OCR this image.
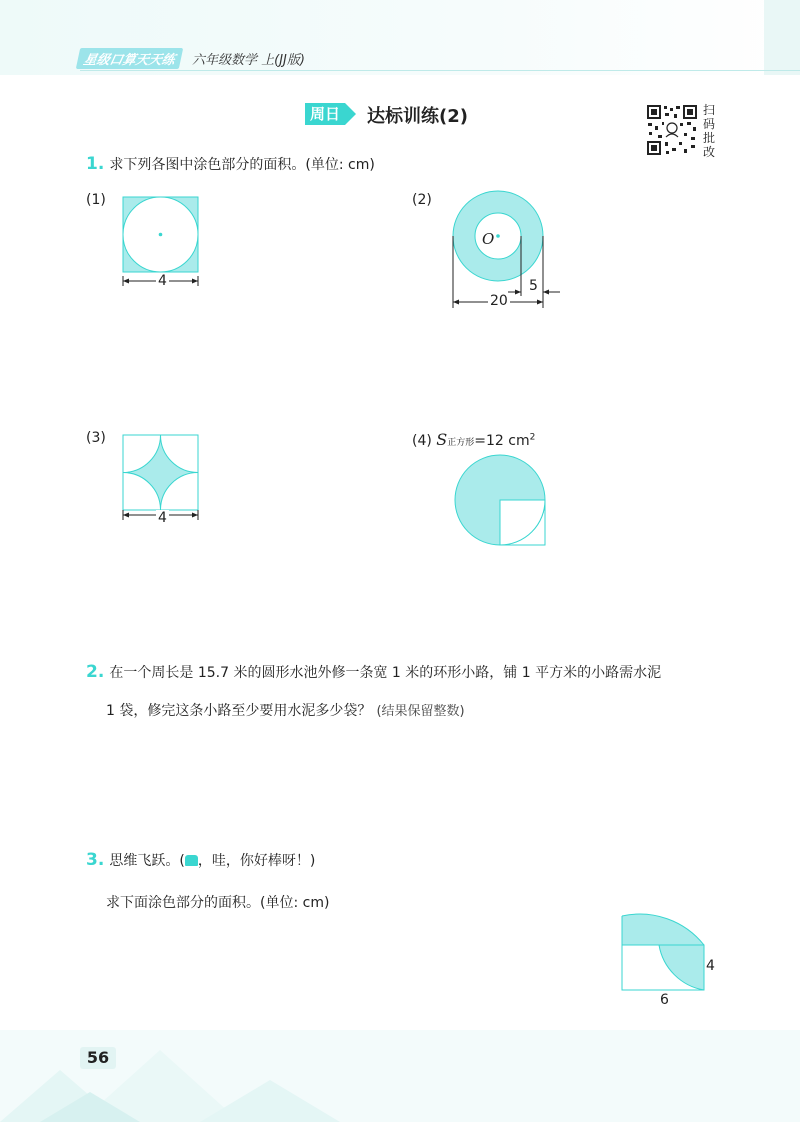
星级口算天天练	六年级数学 上(JJ版)
周日 达标训练(2)	扫
码
批
改
1. 求下列各图中涂色部分的面积。(单位: cm)
(1)
4
(2)
O
20
5
(3)
4
(4) S正方形=12 $cm^2$
2. 在一个周长是 15.7 米的圆形水池外修一条宽 1 米的环形小路，铺 1 平方米的小路需水泥
1 袋，修完这条小路至少要用水泥多少袋？ (结果保留整数)
3. 思维飞跃。( ，哇，你好棒呀！)
求下面涂色部分的面积。(单位: cm)
4
6
56
